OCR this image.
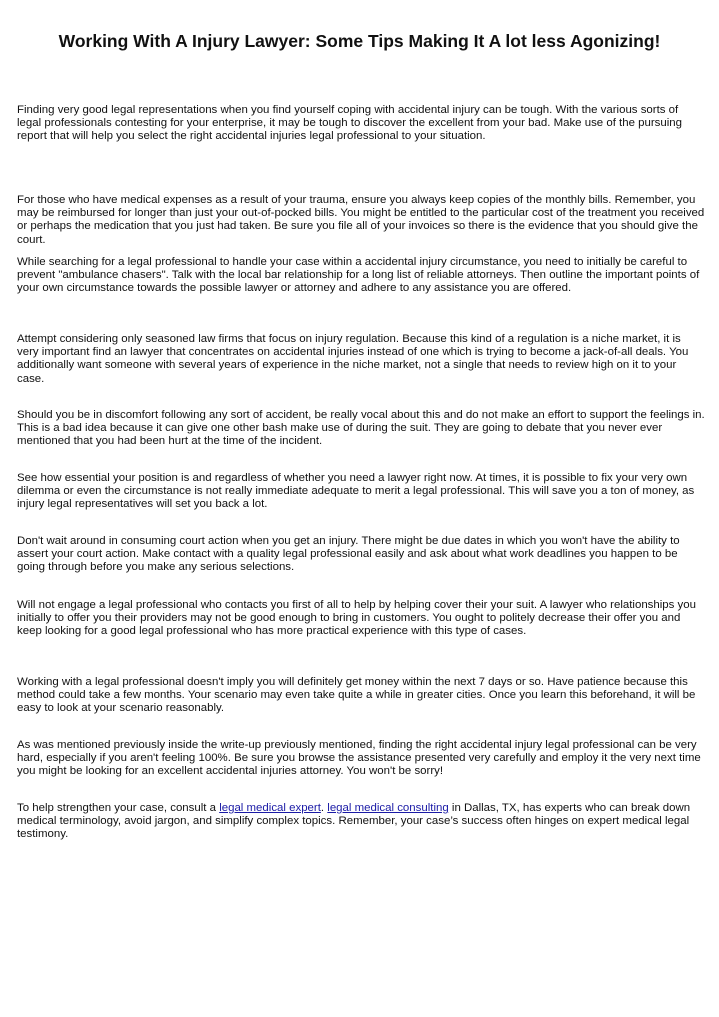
Working With A Injury Lawyer: Some Tips Making It A lot less Agonizing!

Finding very good legal representations when you find yourself coping with accidental injury can be tough. With the various sorts of legal professionals contesting for your enterprise, it may be tough to discover the excellent from your bad. Make use of the pursuing report that will help you select the right accidental injuries legal professional to your situation.

For those who have medical expenses as a result of your trauma, ensure you always keep copies of the monthly bills. Remember, you may be reimbursed for longer than just your out-of-pocked bills. You might be entitled to the particular cost of the treatment you received or perhaps the medication that you just had taken. Be sure you file all of your invoices so there is the evidence that you should give the court.

While searching for a legal professional to handle your case within a accidental injury circumstance, you need to initially be careful to prevent "ambulance chasers". Talk with the local bar relationship for a long list of reliable attorneys. Then outline the important points of your own circumstance towards the possible lawyer or attorney and adhere to any assistance you are offered.

Attempt considering only seasoned law firms that focus on injury regulation. Because this kind of a regulation is a niche market, it is very important find an lawyer that concentrates on accidental injuries instead of one which is trying to become a jack-of-all deals. You additionally want someone with several years of experience in the niche market, not a single that needs to review high on it to your case.

Should you be in discomfort following any sort of accident, be really vocal about this and do not make an effort to support the feelings in. This is a bad idea because it can give one other bash make use of during the suit. They are going to debate that you never ever mentioned that you had been hurt at the time of the incident.

See how essential your position is and regardless of whether you need a lawyer right now. At times, it is possible to fix your very own dilemma or even the circumstance is not really immediate adequate to merit a legal professional. This will save you a ton of money, as injury legal representatives will set you back a lot.

Don't wait around in consuming court action when you get an injury. There might be due dates in which you won't have the ability to assert your court action. Make contact with a quality legal professional easily and ask about what work deadlines you happen to be going through before you make any serious selections.

Will not engage a legal professional who contacts you first of all to help by helping cover their your suit. A lawyer who relationships you initially to offer you their providers may not be good enough to bring in customers. You ought to politely decrease their offer you and keep looking for a good legal professional who has more practical experience with this type of cases.

Working with a legal professional doesn't imply you will definitely get money within the next 7 days or so. Have patience because this method could take a few months. Your scenario may even take quite a while in greater cities. Once you learn this beforehand, it will be easy to look at your scenario reasonably.

As was mentioned previously inside the write-up previously mentioned, finding the right accidental injury legal professional can be very hard, especially if you aren't feeling 100%. Be sure you browse the assistance presented very carefully and employ it the very next time you might be looking for an excellent accidental injuries attorney. You won't be sorry!

To help strengthen your case, consult a legal medical expert. legal medical consulting in Dallas, TX, has experts who can break down medical terminology, avoid jargon, and simplify complex topics. Remember, your case’s success often hinges on expert medical legal testimony.
